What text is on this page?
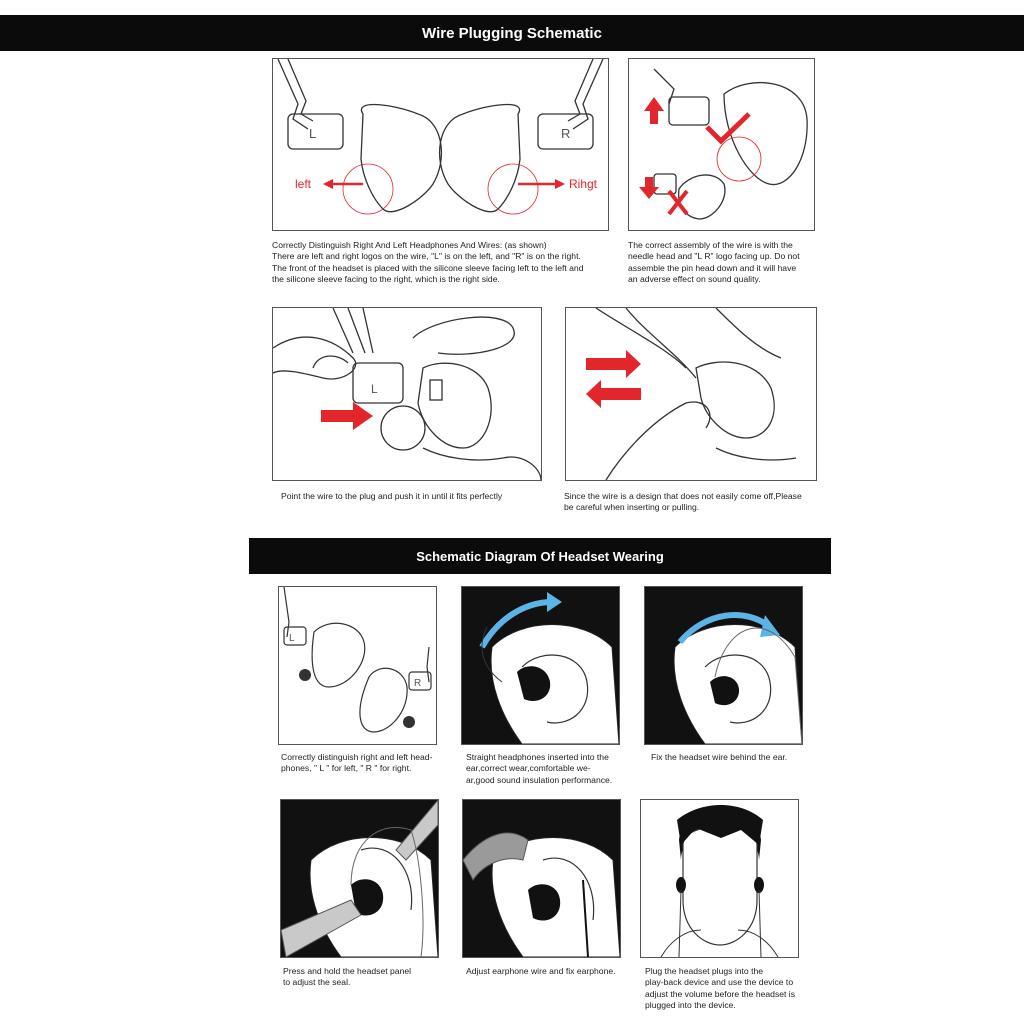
Wire Plugging Schematic
L	R
left	Rihgt
Correctly Distinguish Right And Left Headphones And Wires: (as shown)
There are left and right logos on the wire, "L" is on the left, and "R" is on the right.
The front of the headset is placed with the silicone sleeve facing left to the left and
the silicone sleeve facing to the right, which is the right side.
The correct assembly of the wire is with the
needle head and "L R" logo facing up. Do not
assemble the pin head down and it will have
an adverse effect on sound quality.
L
Point the wire to the plug and push it in until it fits perfectly	Since the wire is a design that does not easily come off,Please
be careful when inserting or pulling.
Schematic Diagram Of Headset Wearing
L
R
Correctly distinguish right and left head-
phones, " L " for left, " R " for right.
Straight headphones inserted into the
ear,correct wear,comfortable we-
ar,good sound insulation performance.
Fix the headset wire behind the ear.
Press and hold the headset panel
to adjust the seal.
Adjust earphone wire and fix earphone.	Plug the headset plugs into the
play-back device and use the device to
adjust the volume before the headset is
plugged into the device.
